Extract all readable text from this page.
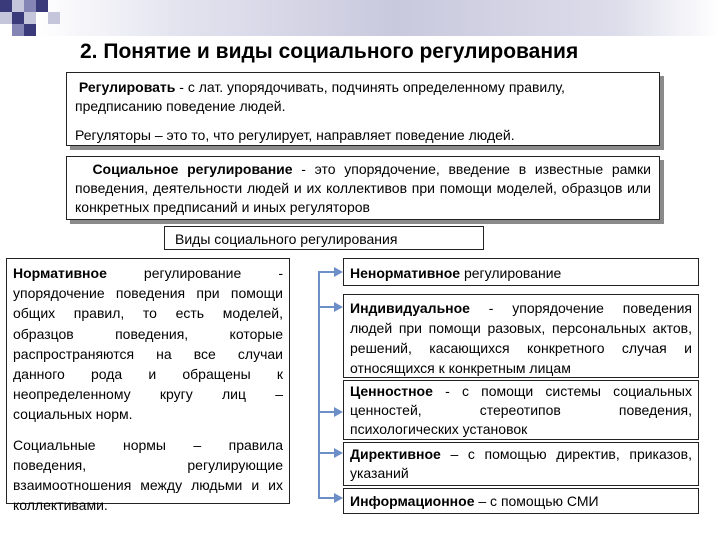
2. Понятие и виды социального регулирования
Регулировать - с лат. упорядочивать, подчинять определенному правилу, предписанию поведение людей.
Регуляторы – это то, что регулирует, направляет поведение людей.
Социальное регулирование - это упорядочение, введение в известные рамки поведения, деятельности людей и их коллективов при помощи моделей, образцов или конкретных предписаний и иных регуляторов
Виды социального регулирования
Нормативное регулирование - упорядочение поведения при помощи общих правил, то есть моделей, образцов поведения, которые распространяются на все случаи данного рода и обращены к неопределенному кругу лиц – социальных норм.
Социальные нормы – правила поведения, регулирующие взаимоотношения между людьми и их коллективами.
Ненормативное регулирование
Индивидуальное - упорядочение поведения людей при помощи разовых, персональных актов, решений, касающихся конкретного случая и относящихся к конкретным лицам
Ценностное - с помощи системы социальных ценностей, стереотипов поведения, психологических установок
Директивное – с помощью директив, приказов, указаний
Информационное – с помощью СМИ
